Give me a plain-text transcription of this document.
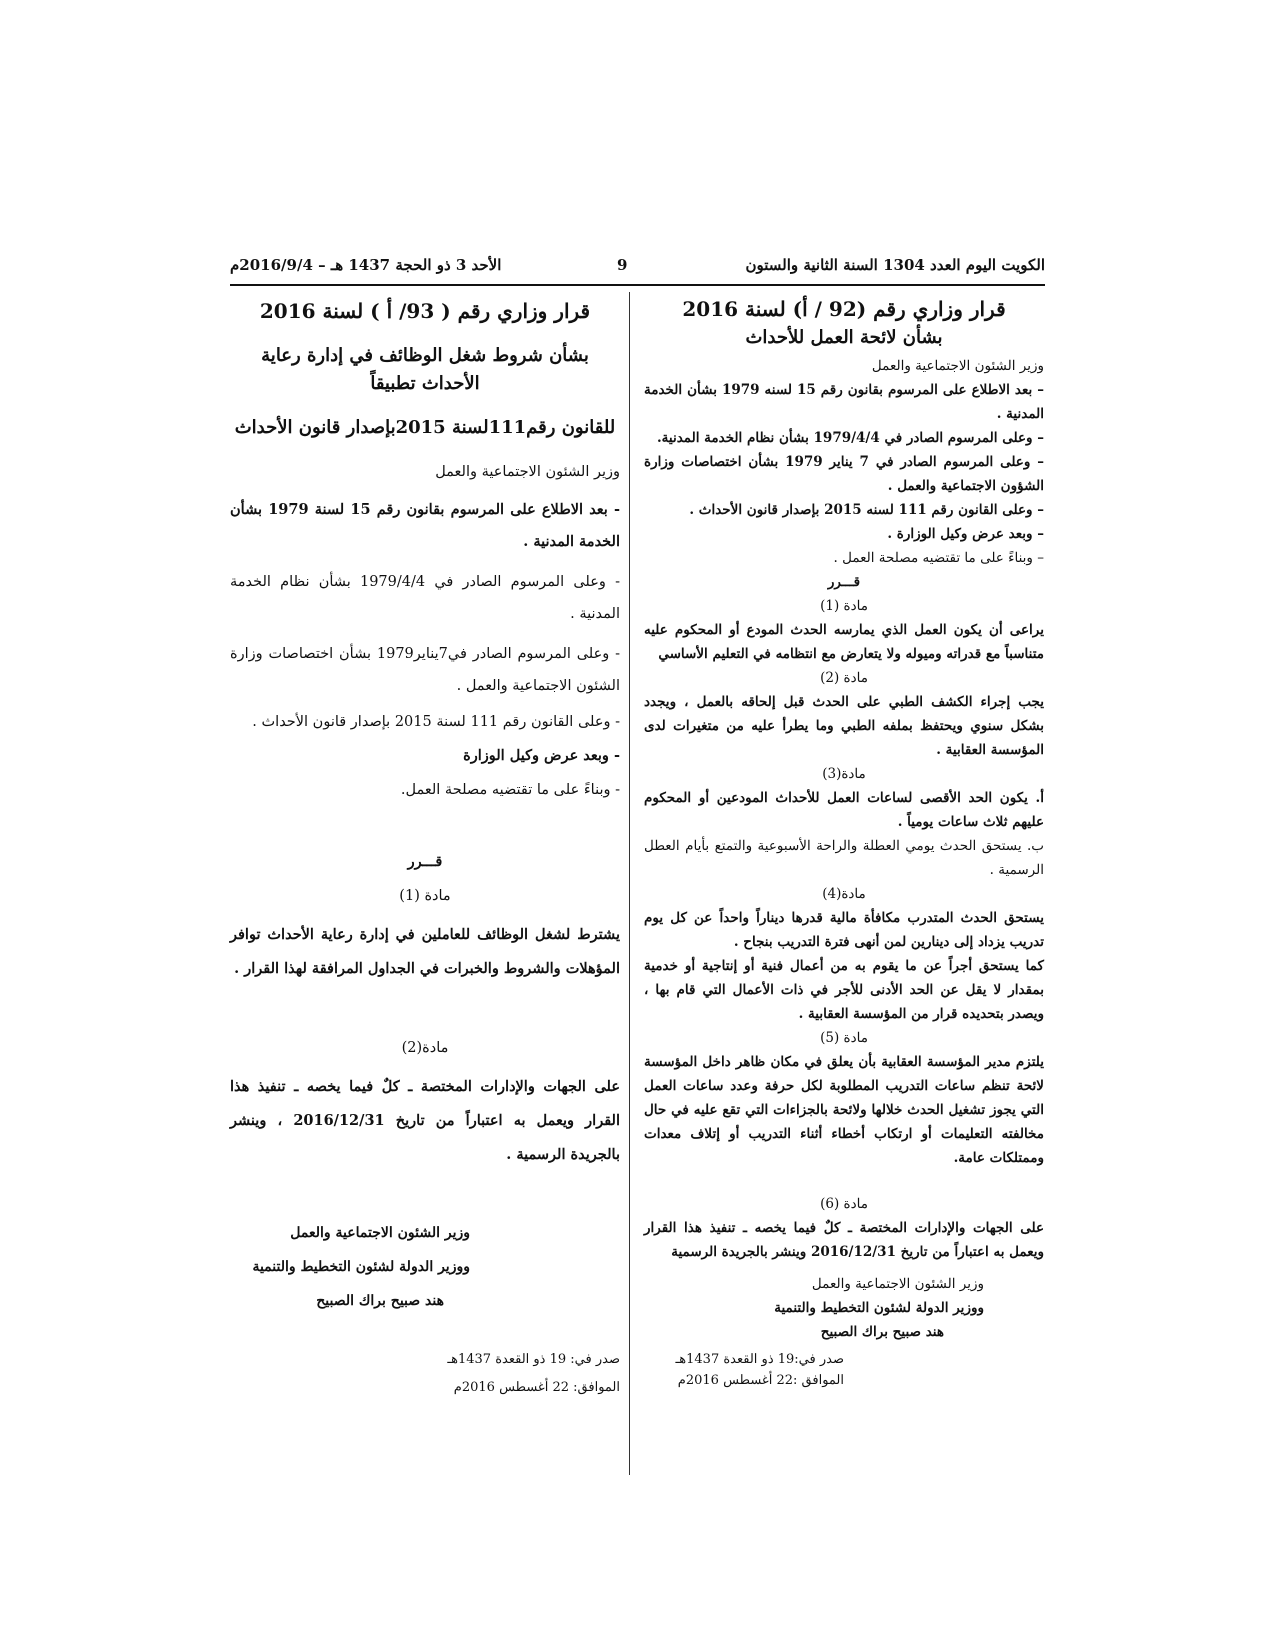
الكويت اليوم العدد 1304 السنة الثانية والستون
9
الأحد 3 ذو الحجة 1437 هـ – 2016/9/4م
قرار وزاري رقم (92 / أ) لسنة 2016
بشأن لائحة العمل للأحداث
وزير الشئون الاجتماعية والعمل
– بعد الاطلاع على المرسوم بقانون رقم 15 لسنه 1979 بشأن الخدمة المدنية .
– وعلى المرسوم الصادر في 1979/4/4 بشأن نظام الخدمة المدنية.
– وعلى المرسوم الصادر في 7 يناير 1979 بشأن اختصاصات وزارة الشؤون الاجتماعية والعمل .
– وعلى القانون رقم 111 لسنه 2015 بإصدار قانون الأحداث .
– وبعد عرض وكيل الوزارة .
– وبناءً على ما تقتضيه مصلحة العمل .
قـــرر
مادة (1)
يراعى أن يكون العمل الذي يمارسه الحدث المودع أو المحكوم عليه متناسباً مع قدراته وميوله ولا يتعارض مع انتظامه في التعليم الأساسي
مادة (2)
يجب إجراء الكشف الطبي على الحدث قبل إلحاقه بالعمل ، ويجدد بشكل سنوي ويحتفظ بملفه الطبي وما يطرأ عليه من متغيرات لدى المؤسسة العقابية .
مادة(3)
أ. يكون الحد الأقصى لساعات العمل للأحداث المودعين أو المحكوم عليهم ثلاث ساعات يومياً .
ب. يستحق الحدث يومي العطلة والراحة الأسبوعية والتمتع بأيام العطل الرسمية .
مادة(4)
يستحق الحدث المتدرب مكافأة مالية قدرها ديناراً واحداً عن كل يوم تدريب يزداد إلى دينارين لمن أنهى فترة التدريب بنجاح .
كما يستحق أجراً عن ما يقوم به من أعمال فنية أو إنتاجية أو خدمية بمقدار لا يقل عن الحد الأدنى للأجر في ذات الأعمال التي قام بها ، ويصدر بتحديده قرار من المؤسسة العقابية .
مادة (5)
يلتزم مدير المؤسسة العقابية بأن يعلق في مكان ظاهر داخل المؤسسة لائحة تنظم ساعات التدريب المطلوبة لكل حرفة وعدد ساعات العمل التي يجوز تشغيل الحدث خلالها ولائحة بالجزاءات التي تقع عليه في حال مخالفته التعليمات أو ارتكاب أخطاء أثناء التدريب أو إتلاف معدات وممتلكات عامة.
مادة (6)
على الجهات والإدارات المختصة ـ كلٌ فيما يخصه ـ تنفيذ هذا القرار ويعمل به اعتباراً من تاريخ 2016/12/31 وينشر بالجريدة الرسمية
وزير الشئون الاجتماعية والعمل
ووزير الدولة لشئون التخطيط والتنمية
هند صبيح براك الصبيح
صدر في:19 ذو القعدة 1437هـ
الموافق :22 أغسطس 2016م
قرار وزاري رقم ( 93/ أ ) لسنة 2016
بشأن شروط شغل الوظائف في إدارة رعاية الأحداث تطبيقاً
للقانون رقم111لسنة 2015بإصدار قانون الأحداث
وزير الشئون الاجتماعية والعمل
- بعد الاطلاع على المرسوم بقانون رقم 15 لسنة 1979 بشأن الخدمة المدنية .
- وعلى المرسوم الصادر في 1979/4/4 بشأن نظام الخدمة المدنية .
- وعلى المرسوم الصادر في7يناير1979 بشأن اختصاصات وزارة الشئون الاجتماعية والعمل .
- وعلى القانون رقم 111 لسنة 2015 بإصدار قانون الأحداث .
- وبعد عرض وكيل الوزارة
- وبناءً على ما تقتضيه مصلحة العمل.
قـــرر
مادة (1)
يشترط لشغل الوظائف للعاملين في إدارة رعاية الأحداث توافر المؤهلات والشروط والخبرات في الجداول المرافقة لهذا القرار .
مادة(2)
على الجهات والإدارات المختصة ـ كلٌ فيما يخصه ـ تنفيذ هذا القرار ويعمل به اعتباراً من تاريخ 2016/12/31 ، وينشر بالجريدة الرسمية .
وزير الشئون الاجتماعية والعمل
ووزير الدولة لشئون التخطيط والتنمية
هند صبيح براك الصبيح
صدر في: 19 ذو القعدة 1437هـ
الموافق: 22 أغسطس 2016م
